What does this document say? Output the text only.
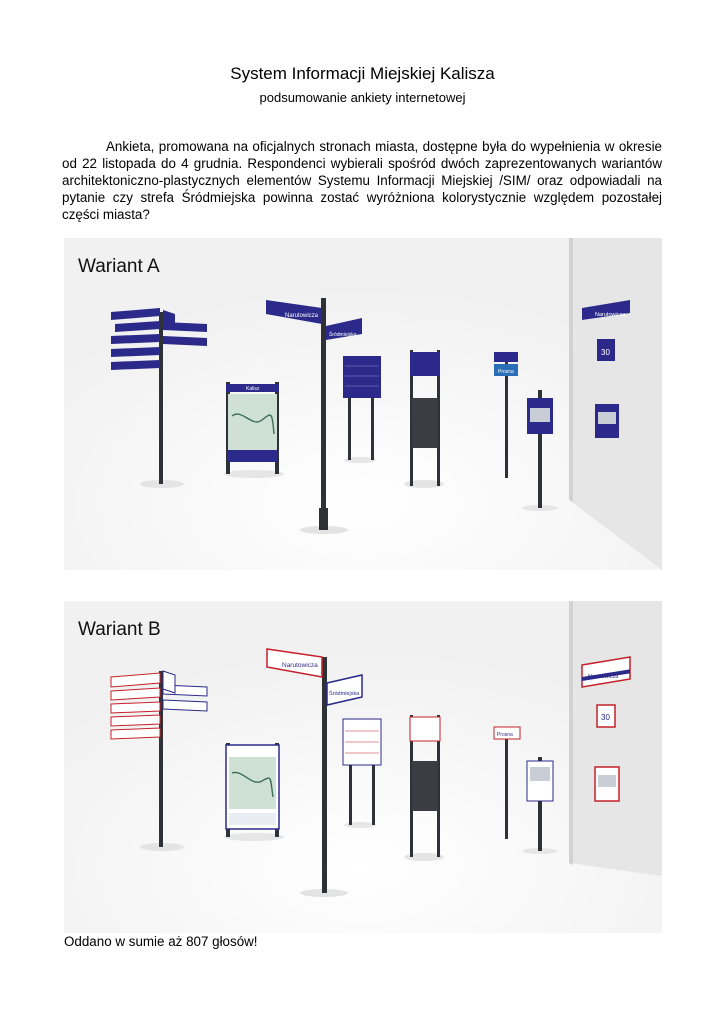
System Informacji Miejskiej Kalisza
podsumowanie ankiety internetowej

Ankieta, promowana na oficjalnych stronach miasta, dostępne była do wypełnienia w okresie od 22 listopada do 4 grudnia. Respondenci wybierali spośród dwóch zaprezentowanych wariantów architektoniczno-plastycznych elementów Systemu Informacji Miejskiej /SIM/ oraz odpowiadali na pytanie czy strefa Śródmiejska powinna zostać wyróżniona kolorystycznie względem pozostałej części miasta?

Narutowicza
30
Kalisz
Narutowicza
Śródmiejska
Prosna
Wariant A
Narutowicza
30
Narutowicza
Śródmiejska
Prosna
Wariant B
Oddano w sumie aż 807 głosów!
